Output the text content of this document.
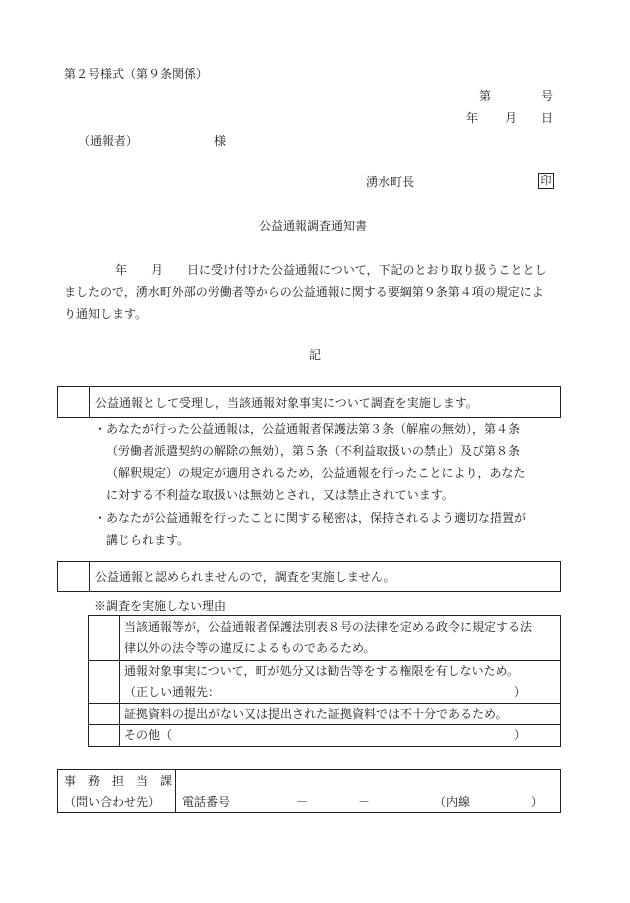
第２号様式（第９条関係）
第	号
年 月 日
（通報者）	様
湧水町長	印
公益通報調査通知書
年　　月　　日に受け付けた公益通報について，下記のとおり取り扱うこととし
ましたので，湧水町外部の労働者等からの公益通報に関する要綱第９条第４項の規定によ
り通知します。
記
公益通報として受理し，当該通報対象事実について調査を実施します。
・ あなたが行った公益通報は，公益通報者保護法第３条（解雇の無効），第４条
（労働者派遣契約の解除の無効），第５条（不利益取扱いの禁止）及び第８条
（解釈規定）の規定が適用されるため，公益通報を行ったことにより，あなた
に対する不利益な取扱いは無効とされ，又は禁止されています。
・ あなたが公益通報を行ったことに関する秘密は，保持されるよう適切な措置が
講じられます。
公益通報と認められませんので，調査を実施しません。
※調査を実施しない理由
当該通報等が，公益通報者保護法別表８号の法律を定める政令に規定する法
律以外の法令等の違反によるものであるため。
通報対象事実について，町が処分又は勧告等をする権限を有しないため。
（正しい通報先：	）
証拠資料の提出がない又は提出された証拠資料では不十分であるため。
その他（	）
事　務　担　当　課
（問い合わせ先） 電話番号	－	－	（内線	）
